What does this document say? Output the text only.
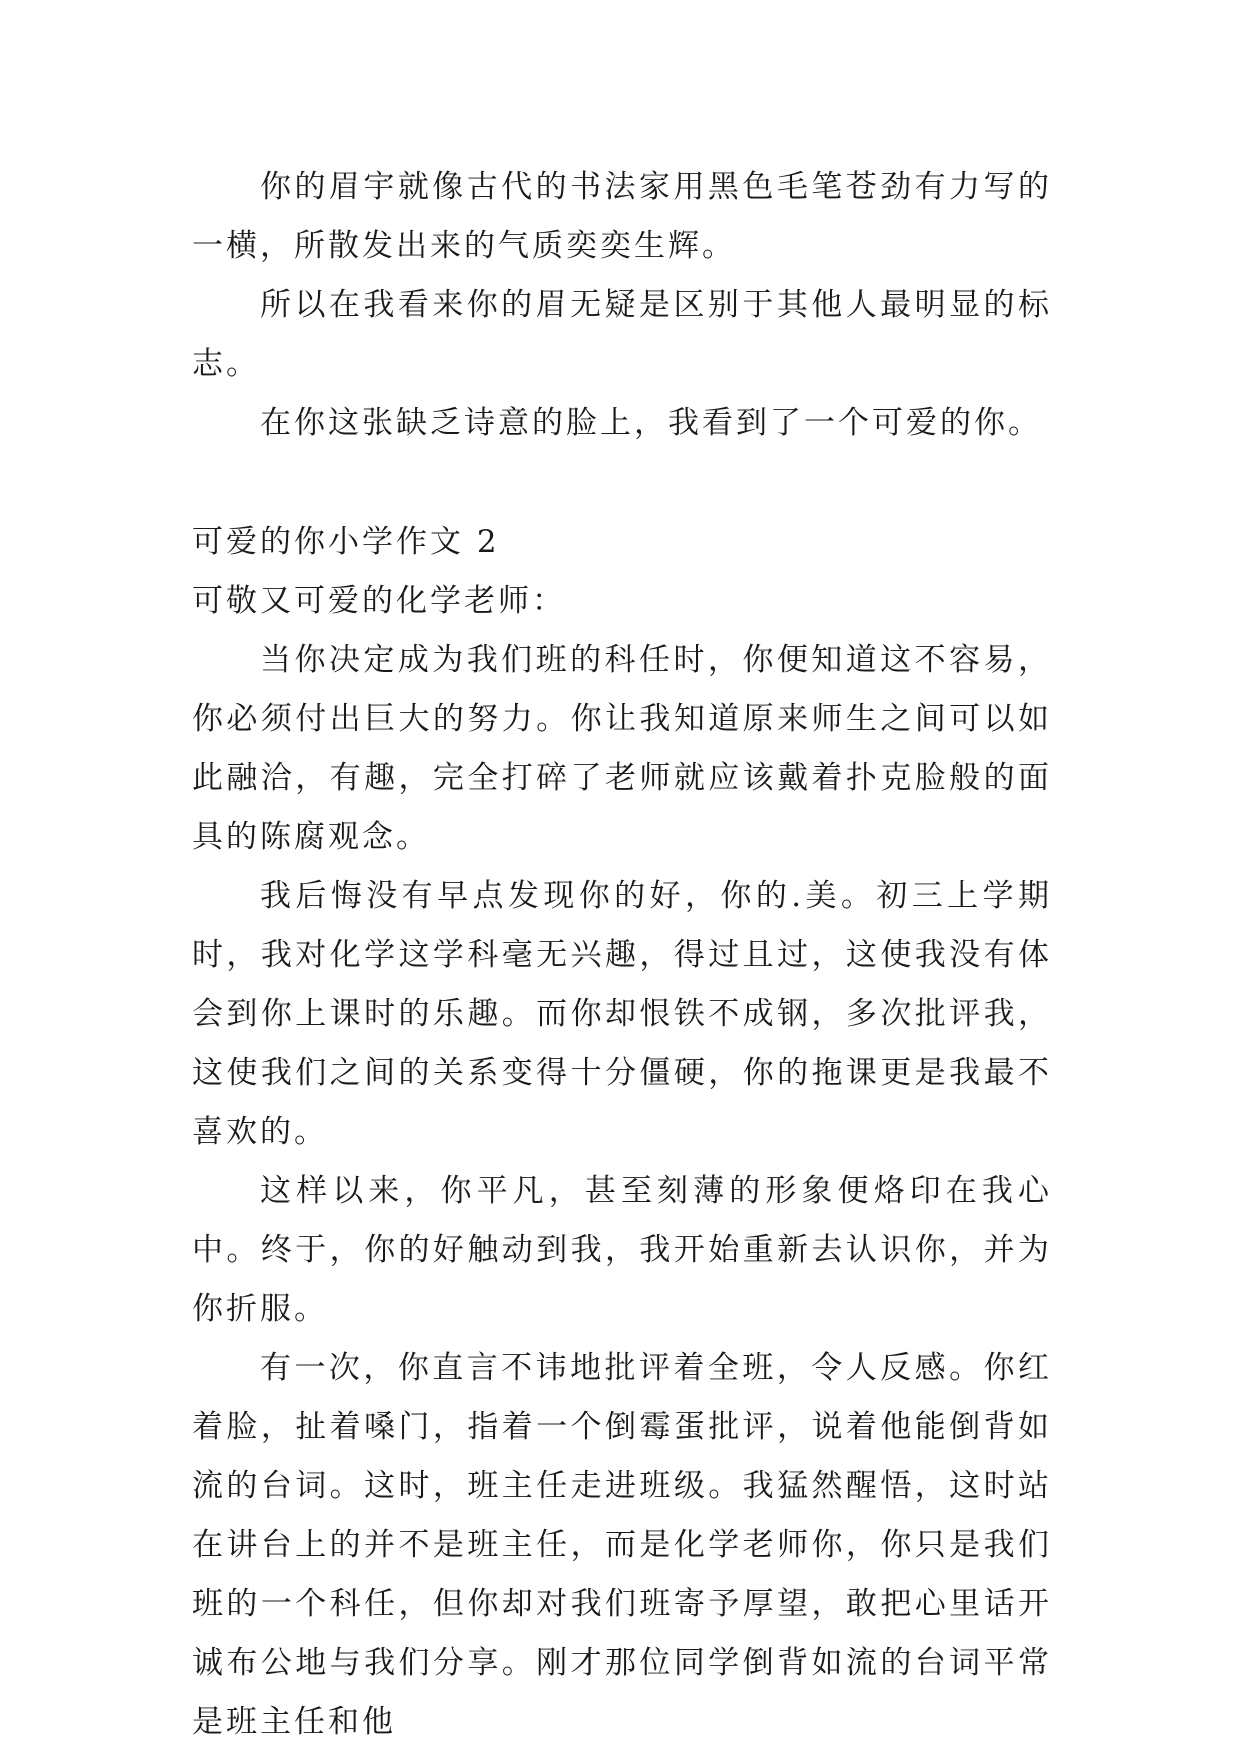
你的眉宇就像古代的书法家用黑色毛笔苍劲有力写的一横，所散发出来的气质奕奕生辉。

所以在我看来你的眉无疑是区别于其他人最明显的标志。

在你这张缺乏诗意的脸上，我看到了一个可爱的你。

可爱的你小学作文 2

可敬又可爱的化学老师：

当你决定成为我们班的科任时，你便知道这不容易，你必须付出巨大的努力。你让我知道原来师生之间可以如此融洽，有趣，完全打碎了老师就应该戴着扑克脸般的面具的陈腐观念。

我后悔没有早点发现你的好，你的.美。初三上学期时，我对化学这学科毫无兴趣，得过且过，这使我没有体会到你上课时的乐趣。而你却恨铁不成钢，多次批评我，这使我们之间的关系变得十分僵硬，你的拖课更是我最不喜欢的。

这样以来，你平凡，甚至刻薄的形象便烙印在我心中。终于，你的好触动到我，我开始重新去认识你，并为你折服。

有一次，你直言不讳地批评着全班，令人反感。你红着脸，扯着嗓门，指着一个倒霉蛋批评，说着他能倒背如流的台词。这时，班主任走进班级。我猛然醒悟，这时站在讲台上的并不是班主任，而是化学老师你，你只是我们班的一个科任，但你却对我们班寄予厚望，敢把心里话开诚布公地与我们分享。刚才那位同学倒背如流的台词平常是班主任和他
